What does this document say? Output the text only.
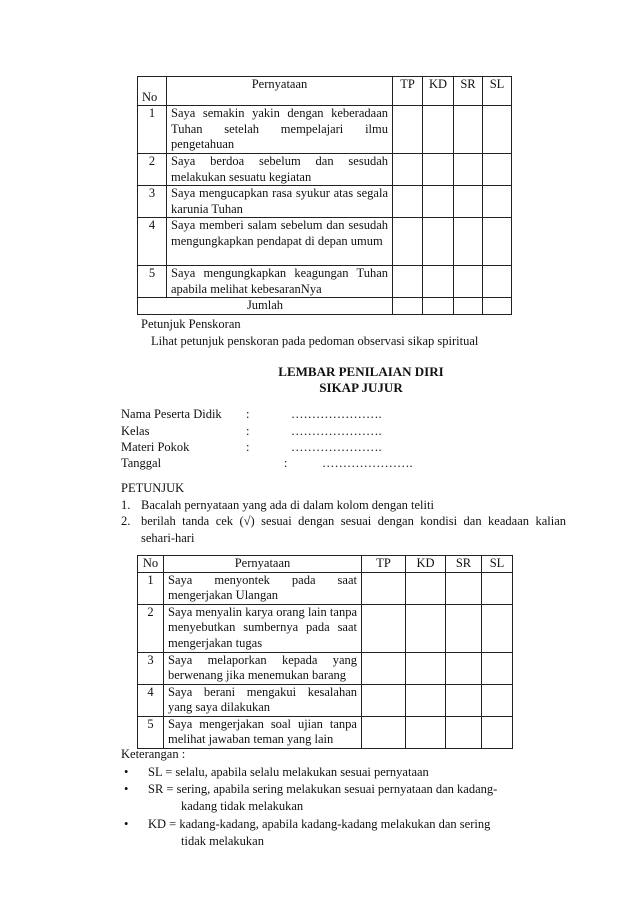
No	Pernyataan	TP	KD	SR	SL
1	Saya semakin yakin dengan keberadaan Tuhan setelah mempelajari ilmu pengetahuan				
2	Saya berdoa sebelum dan sesudah melakukan sesuatu kegiatan				
3	Saya mengucapkan rasa syukur atas segala karunia Tuhan				
4	Saya memberi salam sebelum dan sesudah mengungkapkan pendapat di depan umum				
5	Saya mengungkapkan keagungan Tuhan apabila melihat kebesaranNya				
Jumlah					
Petunjuk Penskoran
Lihat petunjuk penskoran pada pedoman observasi sikap spiritual
LEMBAR PENILAIAN DIRI
SIKAP JUJUR
Nama Peserta Didik :	………………….
Kelas	:	………………….
Materi Pokok	:	………………….
Tanggal	:	………………….
PETUNJUK
1. Bacalah pernyataan yang ada di dalam kolom dengan teliti
2. berilah tanda cek (√) sesuai dengan sesuai dengan kondisi dan keadaan kalian sehari-hari
No	Pernyataan	TP	KD	SR	SL
1	Saya menyontek pada saat mengerjakan Ulangan				
2	Saya menyalin karya orang lain tanpa menyebutkan sumbernya pada saat mengerjakan tugas				
3	Saya melaporkan kepada yang berwenang jika menemukan barang				
4	Saya berani mengakui kesalahan yang saya dilakukan				
5	Saya mengerjakan soal ujian tanpa melihat jawaban teman yang lain				
Keterangan :
• SL = selalu, apabila selalu melakukan sesuai pernyataan
• SR = sering, apabila sering melakukan sesuai pernyataan dan kadang-
kadang tidak melakukan
• KD = kadang-kadang, apabila kadang-kadang melakukan dan sering
tidak melakukan
